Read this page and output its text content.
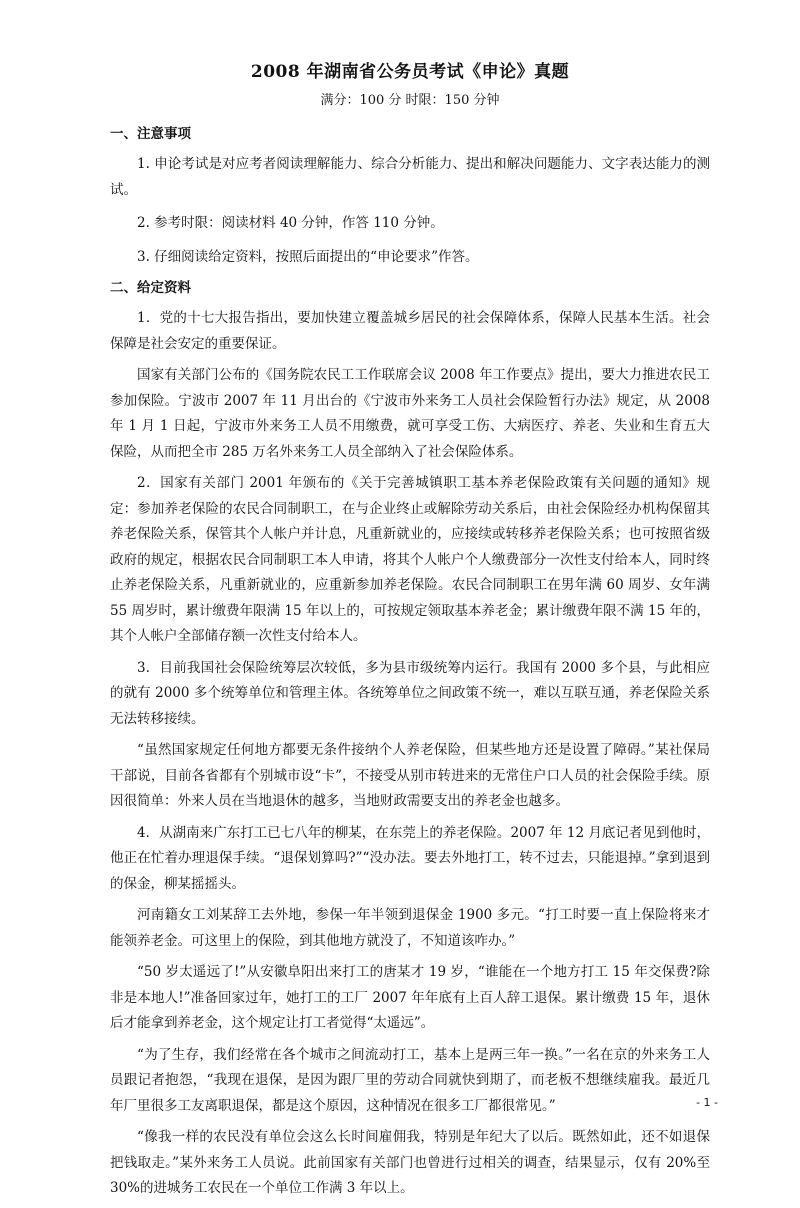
2008 年湖南省公务员考试《申论》真题
满分：100 分 时限：150 分钟
一、注意事项
1. 申论考试是对应考者阅读理解能力、综合分析能力、提出和解决问题能力、文字表达能力的测试。
2. 参考时限：阅读材料 40 分钟，作答 110 分钟。
3. 仔细阅读给定资料，按照后面提出的“申论要求”作答。
二、给定资料
1．党的十七大报告指出，要加快建立覆盖城乡居民的社会保障体系，保障人民基本生活。社会保障是社会安定的重要保证。
国家有关部门公布的《国务院农民工工作联席会议 2008 年工作要点》提出，要大力推进农民工参加保险。宁波市 2007 年 11 月出台的《宁波市外来务工人员社会保险暂行办法》规定，从 2008 年 1 月 1 日起，宁波市外来务工人员不用缴费，就可享受工伤、大病医疗、养老、失业和生育五大保险，从而把全市 285 万名外来务工人员全部纳入了社会保险体系。
2．国家有关部门 2001 年颁布的《关于完善城镇职工基本养老保险政策有关问题的通知》规定：参加养老保险的农民合同制职工，在与企业终止或解除劳动关系后，由社会保险经办机构保留其养老保险关系，保管其个人帐户并计息，凡重新就业的，应接续或转移养老保险关系；也可按照省级政府的规定，根据农民合同制职工本人申请，将其个人帐户个人缴费部分一次性支付给本人，同时终止养老保险关系，凡重新就业的，应重新参加养老保险。农民合同制职工在男年满 60 周岁、女年满 55 周岁时，累计缴费年限满 15 年以上的，可按规定领取基本养老金；累计缴费年限不满 15 年的，其个人帐户全部储存额一次性支付给本人。
3．目前我国社会保险统筹层次较低，多为县市级统筹内运行。我国有 2000 多个县，与此相应的就有 2000 多个统筹单位和管理主体。各统筹单位之间政策不统一，难以互联互通，养老保险关系无法转移接续。
“虽然国家规定任何地方都要无条件接纳个人养老保险，但某些地方还是设置了障碍。”某社保局干部说，目前各省都有个别城市设“卡”，不接受从别市转进来的无常住户口人员的社会保险手续。原因很简单：外来人员在当地退休的越多，当地财政需要支出的养老金也越多。
4．从湖南来广东打工已七八年的柳某，在东莞上的养老保险。2007 年 12 月底记者见到他时，他正在忙着办理退保手续。“退保划算吗?”“没办法。要去外地打工，转不过去，只能退掉。”拿到退到的保金，柳某摇摇头。
河南籍女工刘某辞工去外地，参保一年半领到退保金 1900 多元。“打工时要一直上保险将来才能领养老金。可这里上的保险，到其他地方就没了，不知道该咋办。”
“50 岁太遥远了!”从安徽阜阳出来打工的唐某才 19 岁，“谁能在一个地方打工 15 年交保费?除非是本地人!”准备回家过年，她打工的工厂 2007 年年底有上百人辞工退保。累计缴费 15 年，退休后才能拿到养老金，这个规定让打工者觉得“太遥远”。
“为了生存，我们经常在各个城市之间流动打工，基本上是两三年一换。”一名在京的外来务工人员跟记者抱怨，“我现在退保，是因为跟厂里的劳动合同就快到期了，而老板不想继续雇我。最近几年厂里很多工友离职退保，都是这个原因，这种情况在很多工厂都很常见。”
“像我一样的农民没有单位会这么长时间雇佣我，特别是年纪大了以后。既然如此，还不如退保把钱取走。”某外来务工人员说。此前国家有关部门也曾进行过相关的调查，结果显示，仅有 20%至 30%的进城务工农民在一个单位工作满 3 年以上。
- 1 -
